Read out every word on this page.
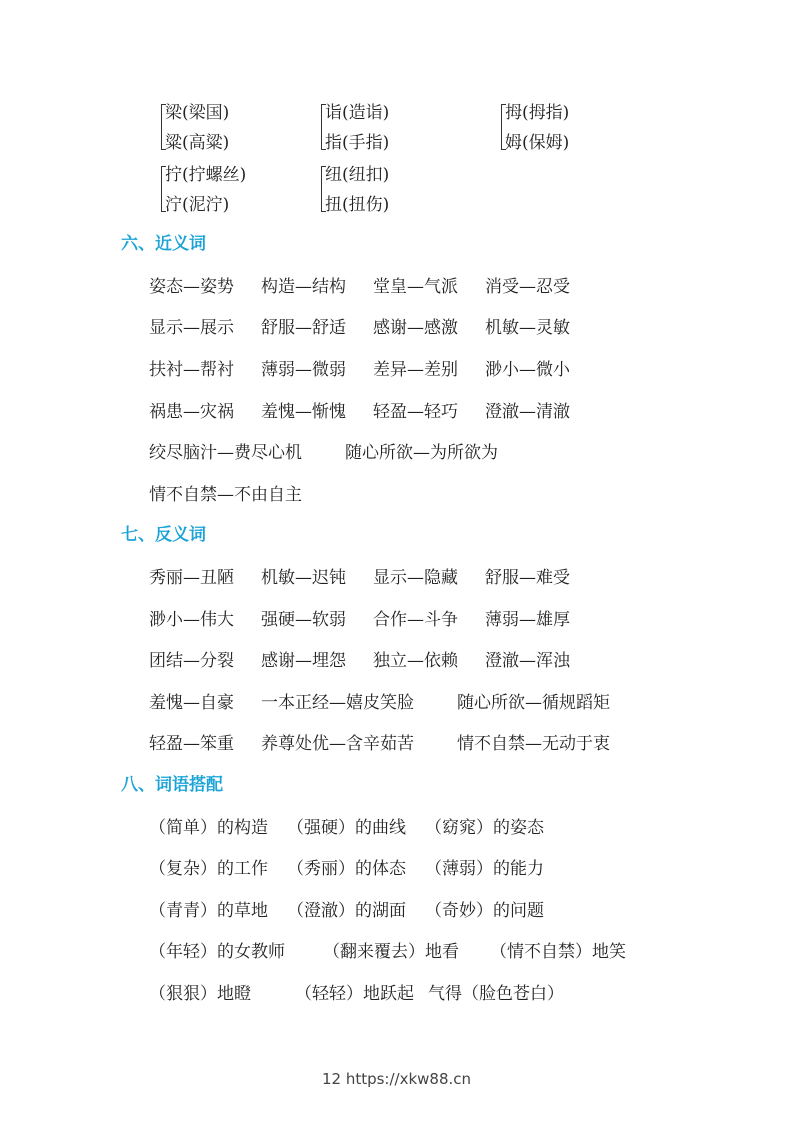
梁(梁国)
粱(高粱)
诣(造诣)
指(手指)
拇(拇指)
姆(保姆)
拧(拧螺丝)
泞(泥泞)
纽(纽扣)
扭(扭伤)
六、近义词
姿态—姿势 构造—结构 堂皇—气派 消受—忍受
显示—展示 舒服—舒适 感谢—感激 机敏—灵敏
扶衬—帮衬 薄弱—微弱 差异—差别 渺小—微小
祸患—灾祸 羞愧—惭愧 轻盈—轻巧 澄澈—清澈
绞尽脑汁—费尽心机	随心所欲—为所欲为
情不自禁—不由自主
七、反义词
秀丽—丑陋 机敏—迟钝 显示—隐藏 舒服—难受
渺小—伟大 强硬—软弱 合作—斗争 薄弱—雄厚
团结—分裂 感谢—埋怨 独立—依赖 澄澈—浑浊
羞愧—自豪 一本正经—嬉皮笑脸	随心所欲—循规蹈矩
轻盈—笨重 养尊处优—含辛茹苦	情不自禁—无动于衷
八、词语搭配
（简单）的构造 （强硬）的曲线 （窈窕）的姿态
（复杂）的工作 （秀丽）的体态 （薄弱）的能力
（青青）的草地 （澄澈）的湖面 （奇妙）的问题
（年轻）的女教师 （翻来覆去）地看 （情不自禁）地笑
（狠狠）地瞪	（轻轻）地跃起 气得（脸色苍白）
12 https://xkw88.cn
